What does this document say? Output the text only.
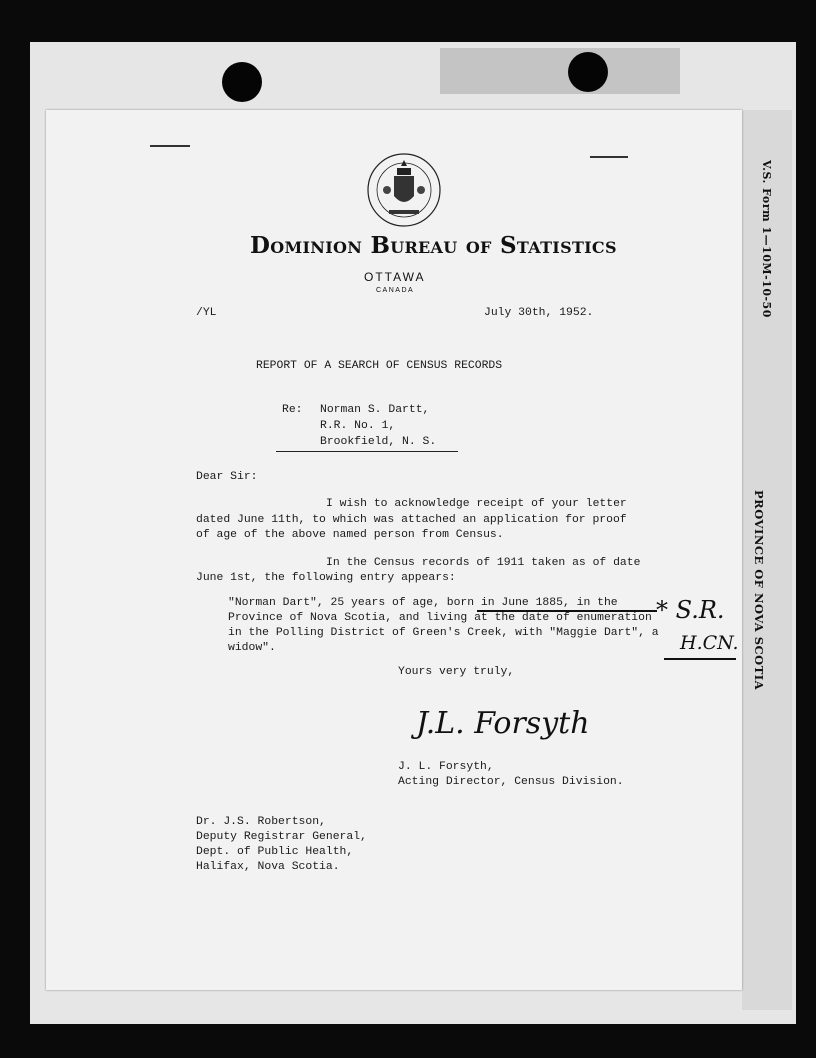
V.S. Form 1—10M-10-50
PROVINCE OF NOVA SCOTIA
Dominion Bureau of Statistics
OTTAWA
CANADA
/YL	July 30th, 1952.
REPORT OF A SEARCH OF CENSUS RECORDS
Re: Norman S. Dartt,
R.R. No. 1,
Brookfield, N. S.
Dear Sir:
I wish to acknowledge receipt of your letter
dated June 11th, to which was attached an application for proof
of age of the above named person from Census.
In the Census records of 1911 taken as of date
June 1st, the following entry appears:
"Norman Dart", 25 years of age, born in June 1885, in the
Province of Nova Scotia, and living at the date of enumeration
in the Polling District of Green's Creek, with "Maggie Dart", a
widow".
* S.R.
H.CN.
Yours very truly,
J.L. Forsyth
J. L. Forsyth,
Acting Director, Census Division.
Dr. J.S. Robertson,
Deputy Registrar General,
Dept. of Public Health,
Halifax, Nova Scotia.
